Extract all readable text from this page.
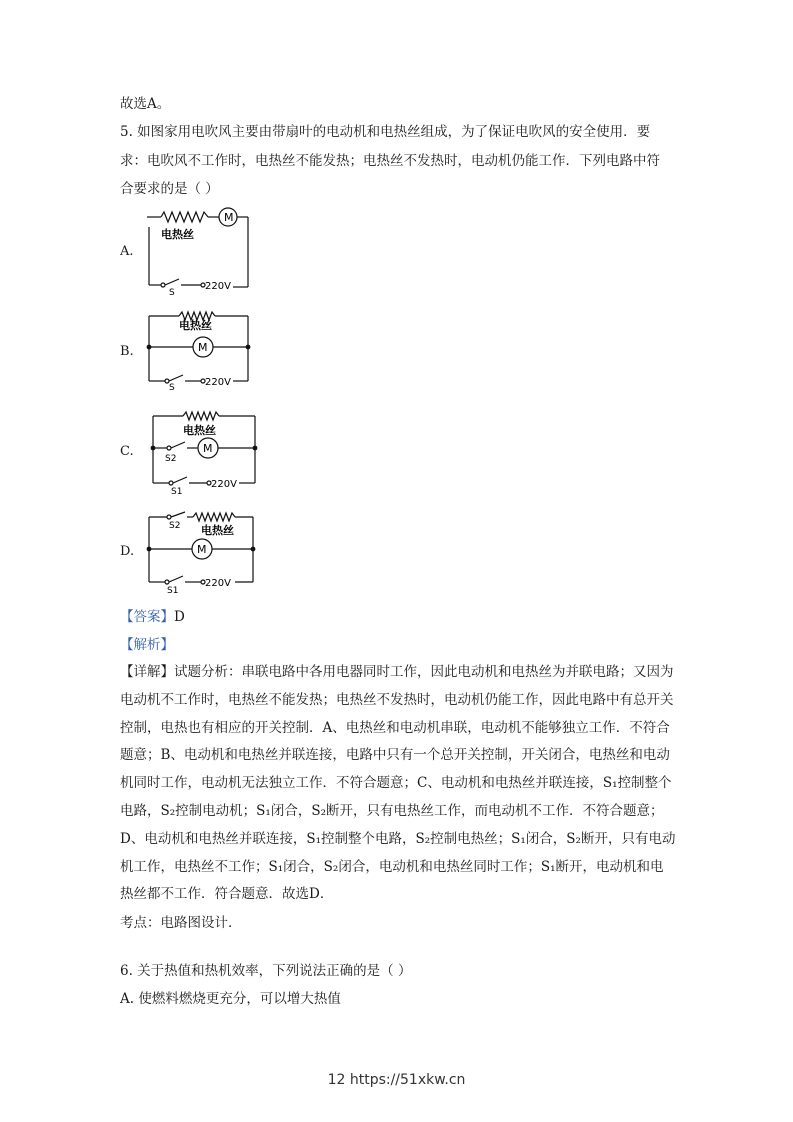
故选A。
5. 如图家用电吹风主要由带扇叶的电动机和电热丝组成，为了保证电吹风的安全使用．要
求：电吹风不工作时，电热丝不能发热；电热丝不发热时，电动机仍能工作．下列电路中符
合要求的是（ ）
A.
M
电热丝
S
220V
B.
电热丝
M
S	220V
C.
电热丝
M
S2
S1
220V
D.
S2 电热丝
M
S1
220V
【答案】D
【解析】
【详解】试题分析：串联电路中各用电器同时工作，因此电动机和电热丝为并联电路；又因为电动机不工作时，电热丝不能发热；电热丝不发热时，电动机仍能工作，因此电路中有总开关控制，电热也有相应的开关控制．A、电热丝和电动机串联，电动机不能够独立工作．不符合题意；B、电动机和电热丝并联连接，电路中只有一个总开关控制，开关闭合，电热丝和电动机同时工作，电动机无法独立工作．不符合题意；C、电动机和电热丝并联连接，S₁控制整个电路，S₂控制电动机；S₁闭合，S₂断开，只有电热丝工作，而电动机不工作．不符合题意；D、电动机和电热丝并联连接，S₁控制整个电路，S₂控制电热丝；S₁闭合，S₂断开，只有电动机工作，电热丝不工作；S₁闭合，S₂闭合，电动机和电热丝同时工作；S₁断开，电动机和电热丝都不工作．符合题意．故选D．
考点：电路图设计．
6. 关于热值和热机效率，下列说法正确的是（ ）
A. 使燃料燃烧更充分，可以增大热值
12 https://51xkw.cn
